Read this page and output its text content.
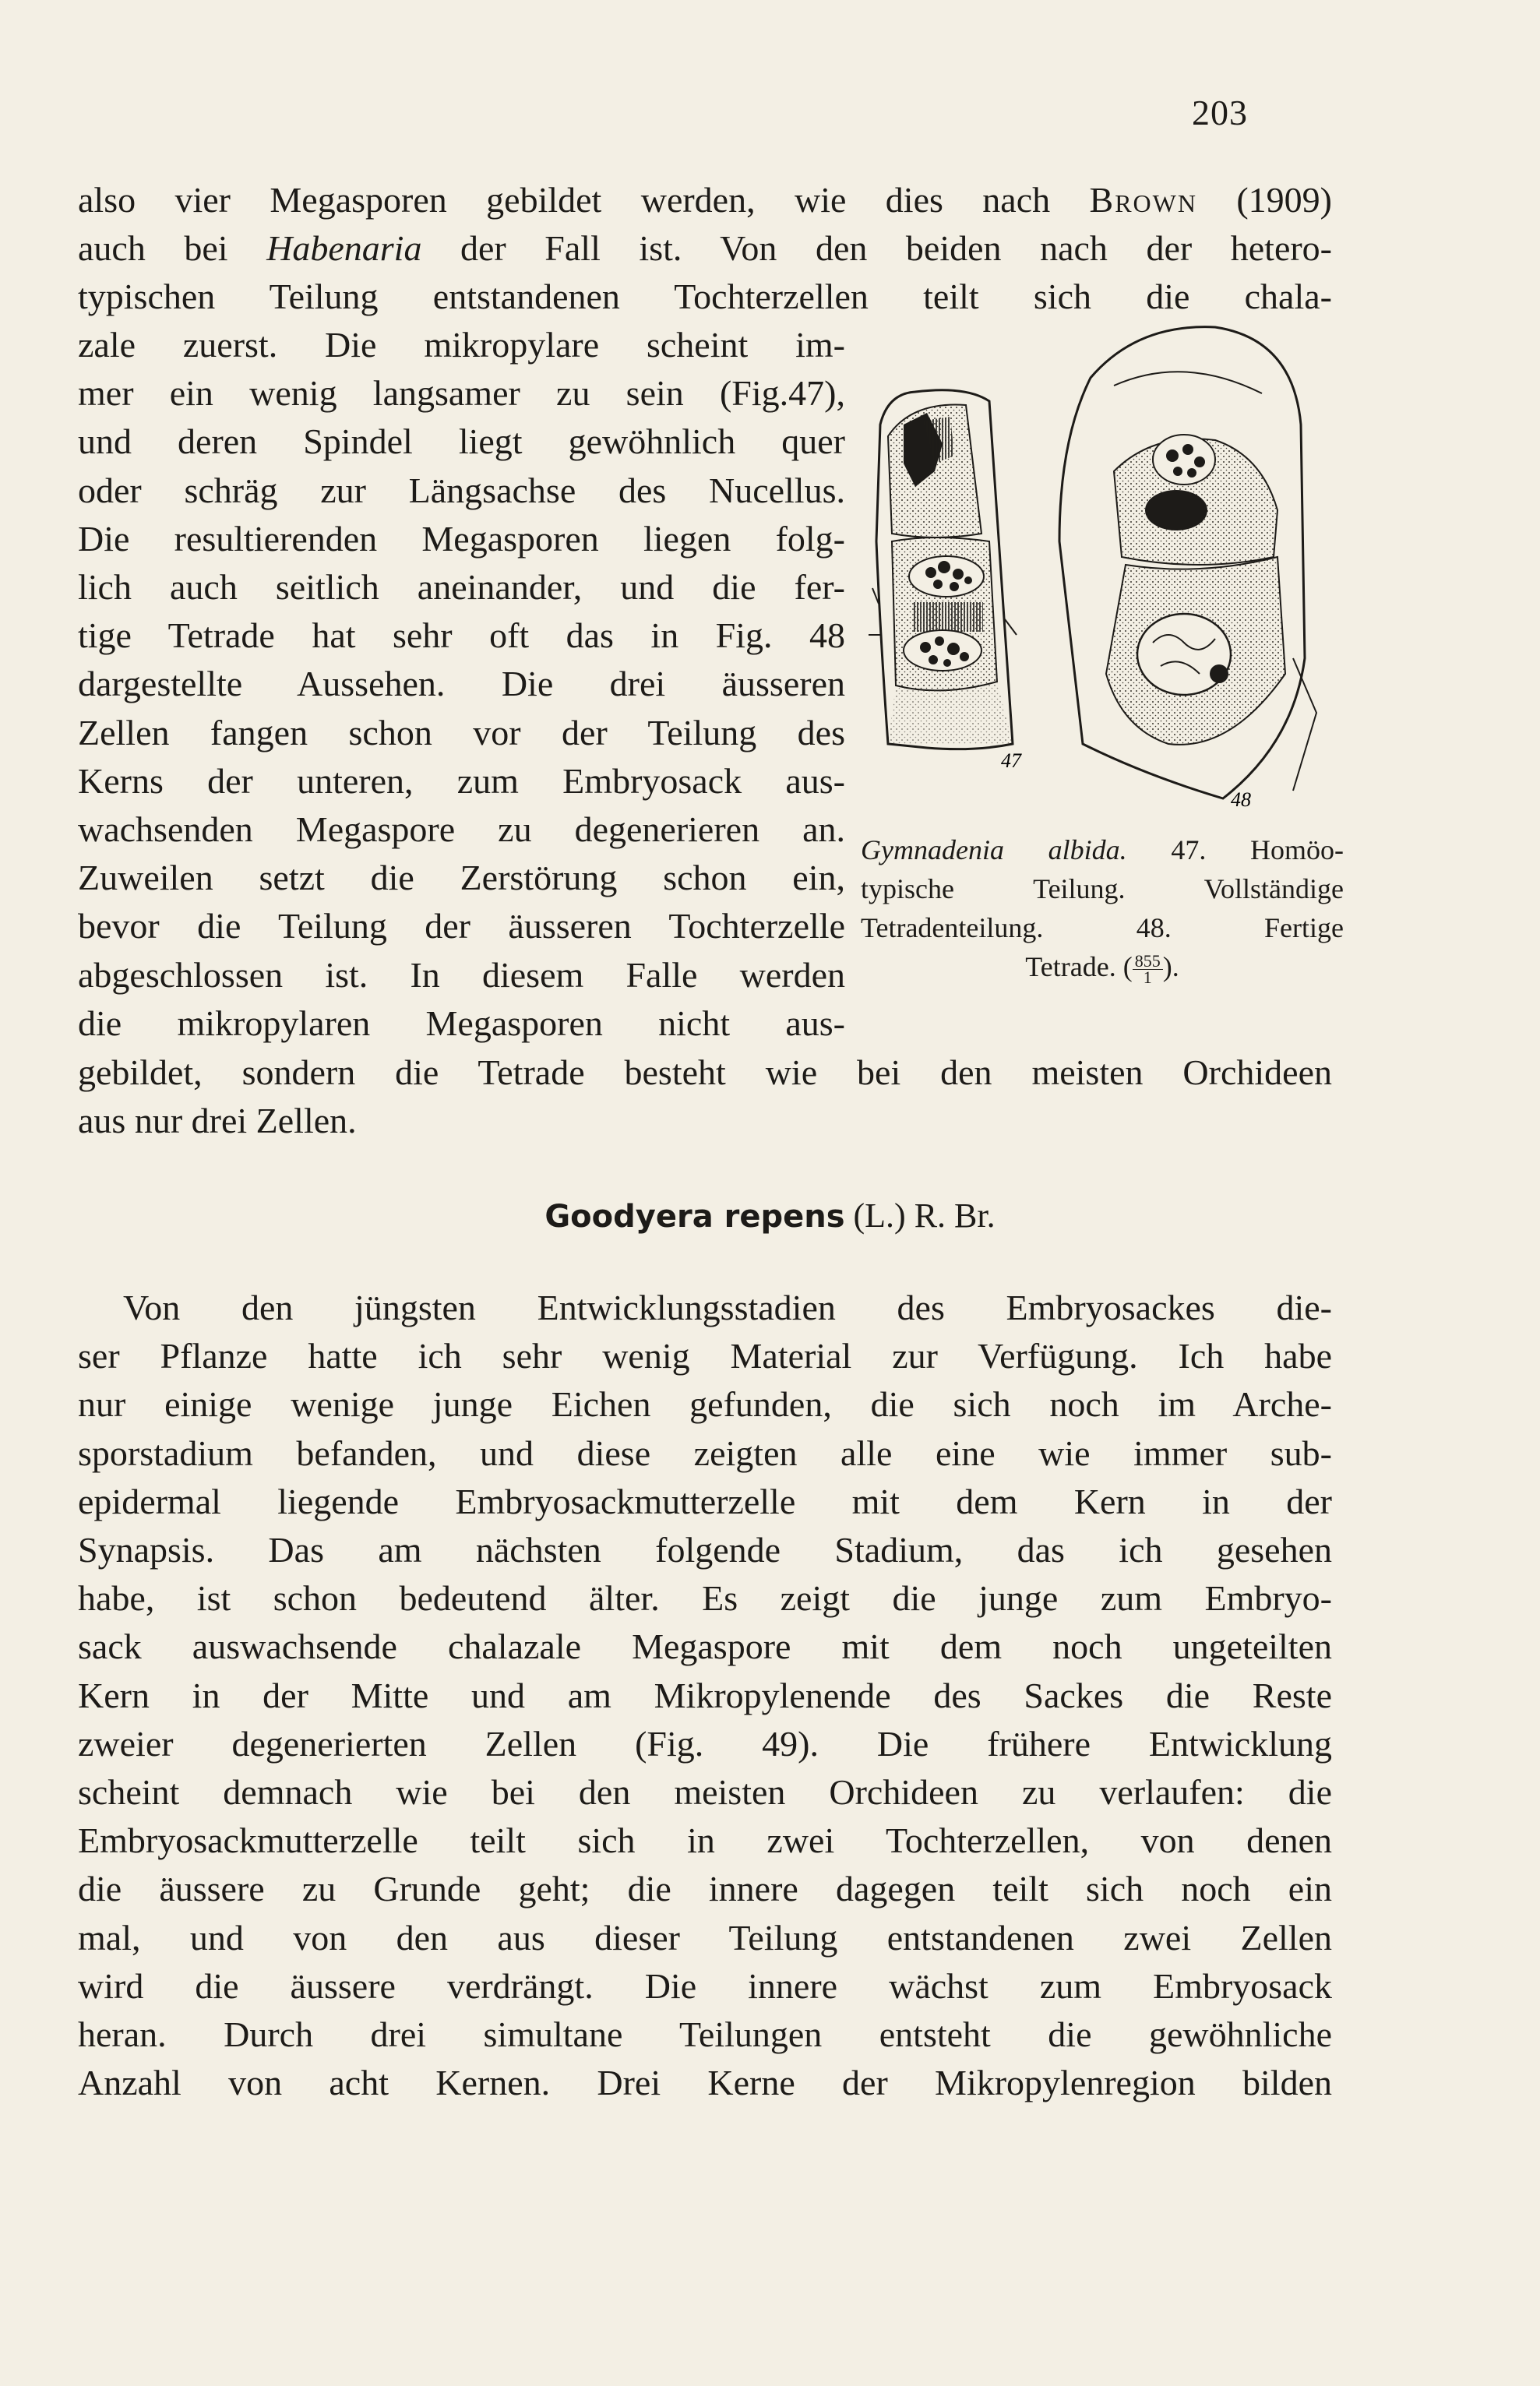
203
also vier Megasporen gebildet werden, wie dies nach Brown (1909)
auch bei Habenaria der Fall ist. Von den beiden nach der hetero-
typischen Teilung entstandenen Tochterzellen teilt sich die chala-
zale zuerst. Die mikropylare scheint im-
mer ein wenig langsamer zu sein (Fig.47),
und deren Spindel liegt gewöhnlich quer
oder schräg zur Längsachse des Nucellus.
Die resultierenden Megasporen liegen folg-
lich auch seitlich aneinander, und die fer-
tige Tetrade hat sehr oft das in Fig. 48
dargestellte Aussehen. Die drei äusseren
Zellen fangen schon vor der Teilung des
Kerns der unteren, zum Embryosack aus-
wachsenden Megaspore zu degenerieren an.
Zuweilen setzt die Zerstörung schon ein,
bevor die Teilung der äusseren Tochterzelle
abgeschlossen ist. In diesem Falle werden
die mikropylaren Megasporen nicht aus-
47
48
Gymnadenia albida. 47. Homöo-
typische Teilung. Vollständige
Tetradenteilung. 48. Fertige
Tetrade. ( $\frac{855}{1}$ ).
gebildet, sondern die Tetrade besteht wie bei den meisten Orchideen
aus nur drei Zellen.
Goodyera repens (L.) R. Br.
Von den jüngsten Entwicklungsstadien des Embryosackes die-
ser Pflanze hatte ich sehr wenig Material zur Verfügung. Ich habe
nur einige wenige junge Eichen gefunden, die sich noch im Arche-
sporstadium befanden, und diese zeigten alle eine wie immer sub-
epidermal liegende Embryosackmutterzelle mit dem Kern in der
Synapsis. Das am nächsten folgende Stadium, das ich gesehen
habe, ist schon bedeutend älter. Es zeigt die junge zum Embryo-
sack auswachsende chalazale Megaspore mit dem noch ungeteilten
Kern in der Mitte und am Mikropylenende des Sackes die Reste
zweier degenerierten Zellen (Fig. 49). Die frühere Entwicklung
scheint demnach wie bei den meisten Orchideen zu verlaufen: die
Embryosackmutterzelle teilt sich in zwei Tochterzellen, von denen
die äussere zu Grunde geht; die innere dagegen teilt sich noch ein
mal, und von den aus dieser Teilung entstandenen zwei Zellen
wird die äussere verdrängt. Die innere wächst zum Embryosack
heran. Durch drei simultane Teilungen entsteht die gewöhnliche
Anzahl von acht Kernen. Drei Kerne der Mikropylenregion bilden
